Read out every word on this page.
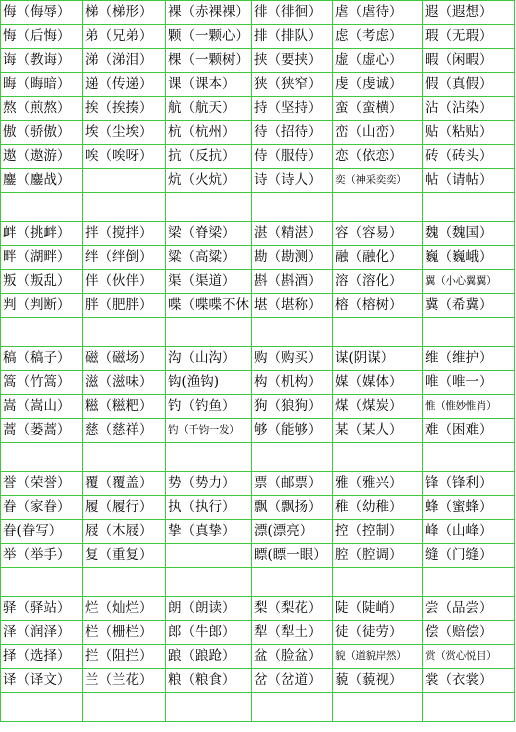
侮（侮辱）	梯（梯形）	裸（赤裸裸）	徘（徘徊）	虐（虐待）	遐（遐想）
悔（后悔）	弟（兄弟）	颗（一颗心）	排（排队）	虑（考虑）	瑕（无瑕）
诲（教诲）	涕（涕泪）	棵（一颗树）	挟（要挟）	虚（虚心）	暇（闲暇）
晦（晦暗）	递（传递）	课（课本）	狭（狭窄）	虔（虔诚）	假（真假）
熬（煎熬）	挨（挨揍）	航（航天）	持（坚持）	蛮（蛮横）	沾（沾染）
傲（骄傲）	埃（尘埃）	杭（杭州）	待（招待）	峦（山峦）	贴（粘贴）
遨（遨游）	唉（唉呀）	抗（反抗）	侍（服侍）	恋（依恋）	砖（砖头）
鏖（鏖战）		炕（火炕）	诗（诗人）	奕（神采奕奕）	帖（请帖）

衅（挑衅）	拌（搅拌）	梁（脊梁）	湛（精湛）	容（容易）	魏（魏国）
畔（湖畔）	绊（绊倒）	粱（高粱）	勘（勘测）	融（融化）	巍（巍峨）
叛（叛乱）	伴（伙伴）	渠（渠道）	斟（斟酒）	溶（溶化）	翼（小心翼翼）
判（判断）	胖（肥胖）	喋（喋喋不休	堪（堪称）	榕（榕树）	冀（希冀）

稿（稿子）	磁（磁场）	沟（山沟）	购（购买）	谋(阴谋）	维（维护）
篙（竹篙）	滋（滋味）	钩(渔钩)	构（机构）	媒（媒体）	唯（唯一）
嵩（嵩山）	糍（糍粑）	钓（钓鱼）	狗（狼狗）	煤（煤炭）	惟（惟妙惟肖）
蒿（蒌蒿）	慈（慈祥）	钓（千钧一发）	够（能够）	某（某人）	难（困难）

誉（荣誉）	覆（覆盖）	势（势力）	票（邮票）	雅（雅兴）	锋（锋利）
眷（家眷）	履（履行）	执（执行）	飘（飘扬）	稚（幼稚）	蜂（蜜蜂）
眷(眷写）	屐（木屐）	挚（真挚）	漂(漂亮）	控（控制）	峰（山峰）
举（举手）	复（重复）		瞟(瞟一眼）	腔（腔调）	缝（门缝）

驿（驿站）	烂（灿烂）	朗（朗读）	梨（梨花）	陡（陡峭）	尝（品尝）
泽（润泽）	栏（栅栏）	郎（牛郎）	犁（犁土）	徒（徒劳）	偿（赔偿）
择（选择）	拦（阻拦）	踉（踉跄）	盆（脸盆）	貌（道貌岸然）	赏（赏心悦目）
译（译文）	兰（兰花）	粮（粮食）	岔（岔道）	藐（藐视）	裳（衣裳）
